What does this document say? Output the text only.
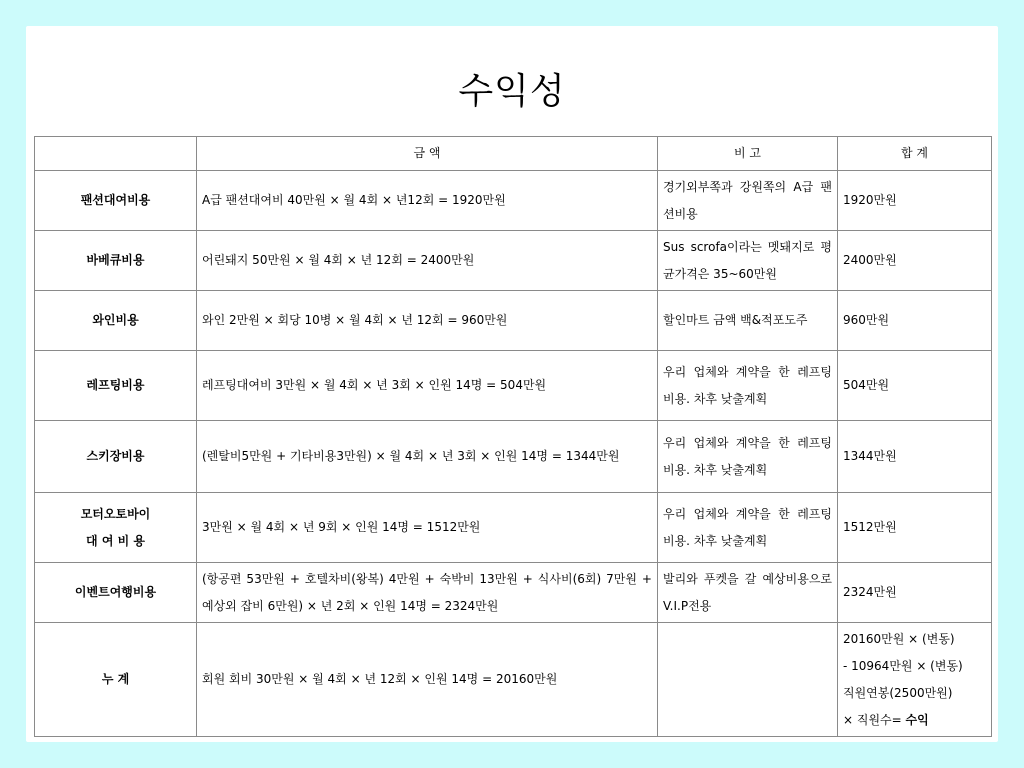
수익성
	금 액	비 고	합 계
팬션대여비용	A급 팬션대여비 40만원 × 월 4회 × 년12회 = 1920만원	경기외부쪽과 강원쪽의 A급 팬션비용	1920만원
바베큐비용	어린돼지 50만원 × 월 4회 × 년 12회 = 2400만원	Sus scrofa이라는 멧돼지로 평균가격은 35~60만원	2400만원
와인비용	와인 2만원 × 회당 10병 × 월 4회 × 년 12회 = 960만원	할인마트 금액 백&적포도주	960만원
레프팅비용	레프팅대여비 3만원 × 월 4회 × 년 3회 × 인원 14명 = 504만원	우리 업체와 계약을 한 레프팅 비용. 차후 낮출계획	504만원
스키장비용	(렌탈비5만원 + 기타비용3만원) × 월 4회 × 년 3회 × 인원 14명 = 1344만원	우리 업체와 계약을 한 레프팅 비용. 차후 낮출계획	1344만원
모터오토바이
대 여 비 용	3만원 × 월 4회 × 년 9회 × 인원 14명 = 1512만원	우리 업체와 계약을 한 레프팅 비용. 차후 낮출계획	1512만원
이벤트여행비용	(항공편 53만원 + 호텔차비(왕복) 4만원 + 숙박비 13만원 + 식사비(6회) 7만원 + 예상외 잡비 6만원) × 년 2회 × 인원 14명 = 2324만원	발리와 푸켓을 갈 예상비용으로 V.I.P전용	2324만원
누 계	회원 회비 30만원 × 월 4회 × 년 12회 × 인원 14명 = 20160만원		20160만원 × (변동)
- 10964만원 × (변동)
직원연봉(2500만원)
× 직원수= 수익
